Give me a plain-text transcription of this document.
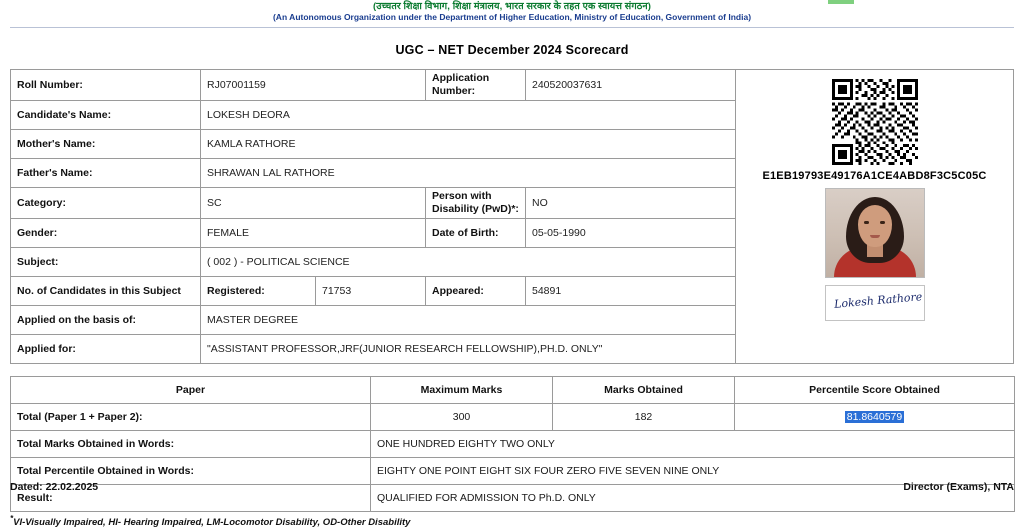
(उच्चतर शिक्षा विभाग, शिक्षा मंत्रालय, भारत सरकार के तहत एक स्वायत्त संगठन)
(An Autonomous Organization under the Department of Higher Education, Ministry of Education, Government of India)
UGC – NET December 2024 Scorecard
Roll Number:	RJ07001159		Application Number:	240520037631
Candidate's Name:	LOKESH DEORA			
Mother's Name:	KAMLA RATHORE			
Father's Name:	SHRAWAN LAL RATHORE			
Category:	SC		Person with Disability (PwD)*:	NO
Gender:	FEMALE		Date of Birth:	05-05-1990
Subject:	( 002 ) - POLITICAL SCIENCE			
No. of Candidates in this Subject	Registered:	71753	Appeared:	54891
Applied on the basis of:	MASTER DEGREE			
Applied for:	"ASSISTANT PROFESSOR,JRF(JUNIOR RESEARCH FELLOWSHIP),PH.D. ONLY"			
E1EB19793E49176A1CE4ABD8F3C5C05C
Lokesh Rathore
Paper	Maximum Marks	Marks Obtained	Percentile Score Obtained
Total (Paper 1 + Paper 2):	300	182	81.8640579
Total Marks Obtained in Words:	ONE HUNDRED EIGHTY TWO ONLY		
Total Percentile Obtained in Words:	EIGHTY ONE POINT EIGHT SIX FOUR ZERO FIVE SEVEN NINE ONLY		
Result:	QUALIFIED FOR ADMISSION TO Ph.D. ONLY		
*VI-Visually Impaired, HI- Hearing Impaired, LM-Locomotor Disability, OD-Other Disability
Dated: 22.02.2025	Director (Exams), NTA
